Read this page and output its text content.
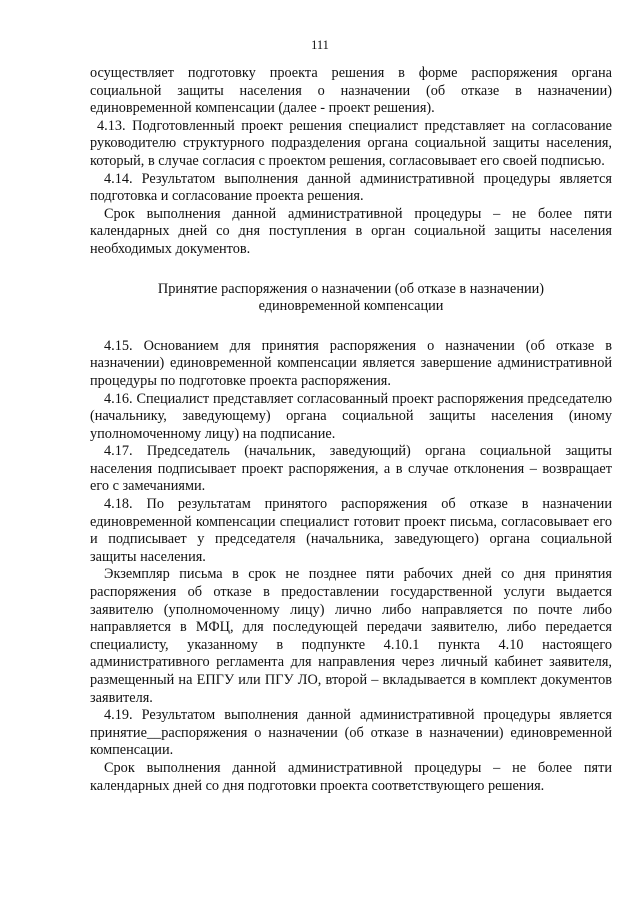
111

осуществляет подготовку проекта решения в форме распоряжения органа социальной защиты населения о назначении (об отказе в назначении) единовременной компенсации (далее - проект решения).

4.13. Подготовленный проект решения специалист представляет на согласование руководителю структурного подразделения органа социальной защиты населения, который, в случае согласия с проектом решения, согласовывает его своей подписью.

4.14. Результатом выполнения данной административной процедуры является подготовка и согласование проекта решения.

Срок выполнения данной административной процедуры – не более пяти календарных дней со дня поступления в орган социальной защиты населения необходимых документов.

Принятие распоряжения о назначении (об отказе в назначении)
единовременной компенсации

4.15. Основанием для принятия распоряжения о назначении (об отказе в назначении) единовременной компенсации является завершение административной процедуры по подготовке проекта распоряжения.

4.16. Специалист представляет согласованный проект распоряжения председателю (начальнику, заведующему) органа социальной защиты населения (иному уполномоченному лицу) на подписание.

4.17. Председатель (начальник, заведующий) органа социальной защиты населения подписывает проект распоряжения, а в случае отклонения – возвращает его с замечаниями.

4.18. По результатам принятого распоряжения об отказе в назначении единовременной компенсации специалист готовит проект письма, согласовывает его и подписывает у председателя (начальника, заведующего) органа социальной защиты населения.

Экземпляр письма в срок не позднее пяти рабочих дней со дня принятия распоряжения об отказе в предоставлении государственной услуги выдается заявителю (уполномоченному лицу) лично либо направляется по почте либо направляется в МФЦ, для последующей передачи заявителю, либо передается специалисту, указанному в подпункте 4.10.1 пункта 4.10 настоящего административного регламента для направления через личный кабинет заявителя, размещенный на ЕПГУ или ПГУ ЛО, второй – вкладывается в комплект документов заявителя.

4.19. Результатом выполнения данной административной процедуры является принятие__распоряжения о назначении (об отказе в назначении) единовременной компенсации.

Срок выполнения данной административной процедуры – не более пяти календарных дней со дня подготовки проекта соответствующего решения.
